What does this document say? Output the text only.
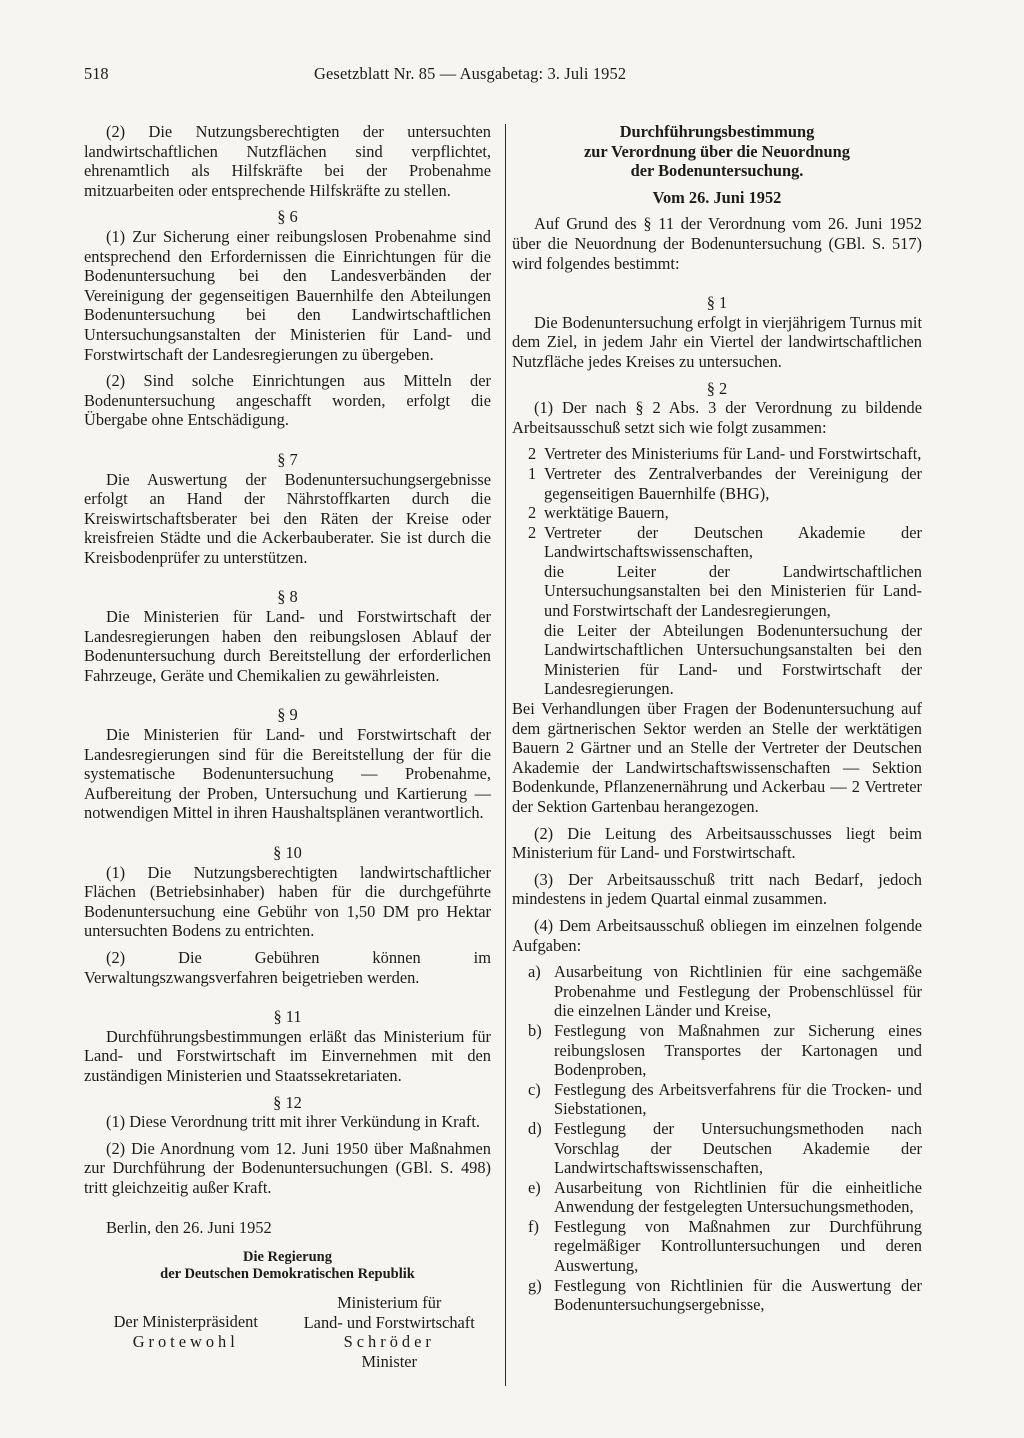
518	Gesetzblatt Nr. 85 — Ausgabetag: 3. Juli 1952

(2) Die Nutzungsberechtigten der untersuchten landwirtschaftlichen Nutzflächen sind verpflichtet, ehrenamtlich als Hilfskräfte bei der Probenahme mitzuarbeiten oder entsprechende Hilfskräfte zu stellen.

§ 6

(1) Zur Sicherung einer reibungslosen Probenahme sind entsprechend den Erfordernissen die Einrichtungen für die Bodenuntersuchung bei den Landesverbänden der Vereinigung der gegenseitigen Bauernhilfe den Abteilungen Bodenuntersuchung bei den Landwirtschaftlichen Untersuchungsanstalten der Ministerien für Land- und Forstwirtschaft der Landesregierungen zu übergeben.

(2) Sind solche Einrichtungen aus Mitteln der Bodenuntersuchung angeschafft worden, erfolgt die Übergabe ohne Entschädigung.

§ 7

Die Auswertung der Bodenuntersuchungsergebnisse erfolgt an Hand der Nährstoffkarten durch die Kreiswirtschaftsberater bei den Räten der Kreise oder kreisfreien Städte und die Ackerbauberater. Sie ist durch die Kreisbodenprüfer zu unterstützen.

§ 8

Die Ministerien für Land- und Forstwirtschaft der Landesregierungen haben den reibungslosen Ablauf der Bodenuntersuchung durch Bereitstellung der erforderlichen Fahrzeuge, Geräte und Chemikalien zu gewährleisten.

§ 9

Die Ministerien für Land- und Forstwirtschaft der Landesregierungen sind für die Bereitstellung der für die systematische Bodenuntersuchung — Probenahme, Aufbereitung der Proben, Untersuchung und Kartierung — notwendigen Mittel in ihren Haushaltsplänen verantwortlich.

§ 10

(1) Die Nutzungsberechtigten landwirtschaftlicher Flächen (Betriebsinhaber) haben für die durchgeführte Bodenuntersuchung eine Gebühr von 1,50 DM pro Hektar untersuchten Bodens zu entrichten.

(2) Die Gebühren können im Verwaltungszwangsverfahren beigetrieben werden.

§ 11

Durchführungsbestimmungen erläßt das Ministerium für Land- und Forstwirtschaft im Einvernehmen mit den zuständigen Ministerien und Staatssekretariaten.

§ 12

(1) Diese Verordnung tritt mit ihrer Verkündung in Kraft.

(2) Die Anordnung vom 12. Juni 1950 über Maßnahmen zur Durchführung der Bodenuntersuchungen (GBl. S. 498) tritt gleichzeitig außer Kraft.

Berlin, den 26. Juni 1952

Die Regierung

der Deutschen Demokratischen Republik

Der Ministerpräsident

Grotewohl

Ministerium für

Land- und Forstwirtschaft

Schröder

Minister

Durchführungsbestimmung

zur Verordnung über die Neuordnung

der Bodenuntersuchung.

Vom 26. Juni 1952

Auf Grund des § 11 der Verordnung vom 26. Juni 1952 über die Neuordnung der Bodenuntersuchung (GBl. S. 517) wird folgendes bestimmt:

§ 1

Die Bodenuntersuchung erfolgt in vierjährigem Turnus mit dem Ziel, in jedem Jahr ein Viertel der landwirtschaftlichen Nutzfläche jedes Kreises zu untersuchen.

§ 2

(1) Der nach § 2 Abs. 3 der Verordnung zu bildende Arbeitsausschuß setzt sich wie folgt zusammen:

2 Vertreter des Ministeriums für Land- und Forstwirtschaft,
1 Vertreter des Zentralverbandes der Vereinigung der gegenseitigen Bauernhilfe (BHG),
2 werktätige Bauern,
2 Vertreter der Deutschen Akademie der Landwirtschaftswissenschaften,

die Leiter der Landwirtschaftlichen Untersuchungsanstalten bei den Ministerien für Land- und Forstwirtschaft der Landesregierungen,

die Leiter der Abteilungen Bodenuntersuchung der Landwirtschaftlichen Untersuchungsanstalten bei den Ministerien für Land- und Forstwirtschaft der Landesregierungen.

Bei Verhandlungen über Fragen der Bodenuntersuchung auf dem gärtnerischen Sektor werden an Stelle der werktätigen Bauern 2 Gärtner und an Stelle der Vertreter der Deutschen Akademie der Landwirtschaftswissenschaften — Sektion Bodenkunde, Pflanzenernährung und Ackerbau — 2 Vertreter der Sektion Gartenbau herangezogen.

(2) Die Leitung des Arbeitsausschusses liegt beim Ministerium für Land- und Forstwirtschaft.

(3) Der Arbeitsausschuß tritt nach Bedarf, jedoch mindestens in jedem Quartal einmal zusammen.

(4) Dem Arbeitsausschuß obliegen im einzelnen folgende Aufgaben:

a) Ausarbeitung von Richtlinien für eine sachgemäße Probenahme und Festlegung der Probenschlüssel für die einzelnen Länder und Kreise,
b) Festlegung von Maßnahmen zur Sicherung eines reibungslosen Transportes der Kartonagen und Bodenproben,
c) Festlegung des Arbeitsverfahrens für die Trocken- und Siebstationen,
d) Festlegung der Untersuchungsmethoden nach Vorschlag der Deutschen Akademie der Landwirtschaftswissenschaften,
e) Ausarbeitung von Richtlinien für die einheitliche Anwendung der festgelegten Untersuchungsmethoden,
f) Festlegung von Maßnahmen zur Durchführung regelmäßiger Kontrolluntersuchungen und deren Auswertung,
g) Festlegung von Richtlinien für die Auswertung der Bodenuntersuchungsergebnisse,
